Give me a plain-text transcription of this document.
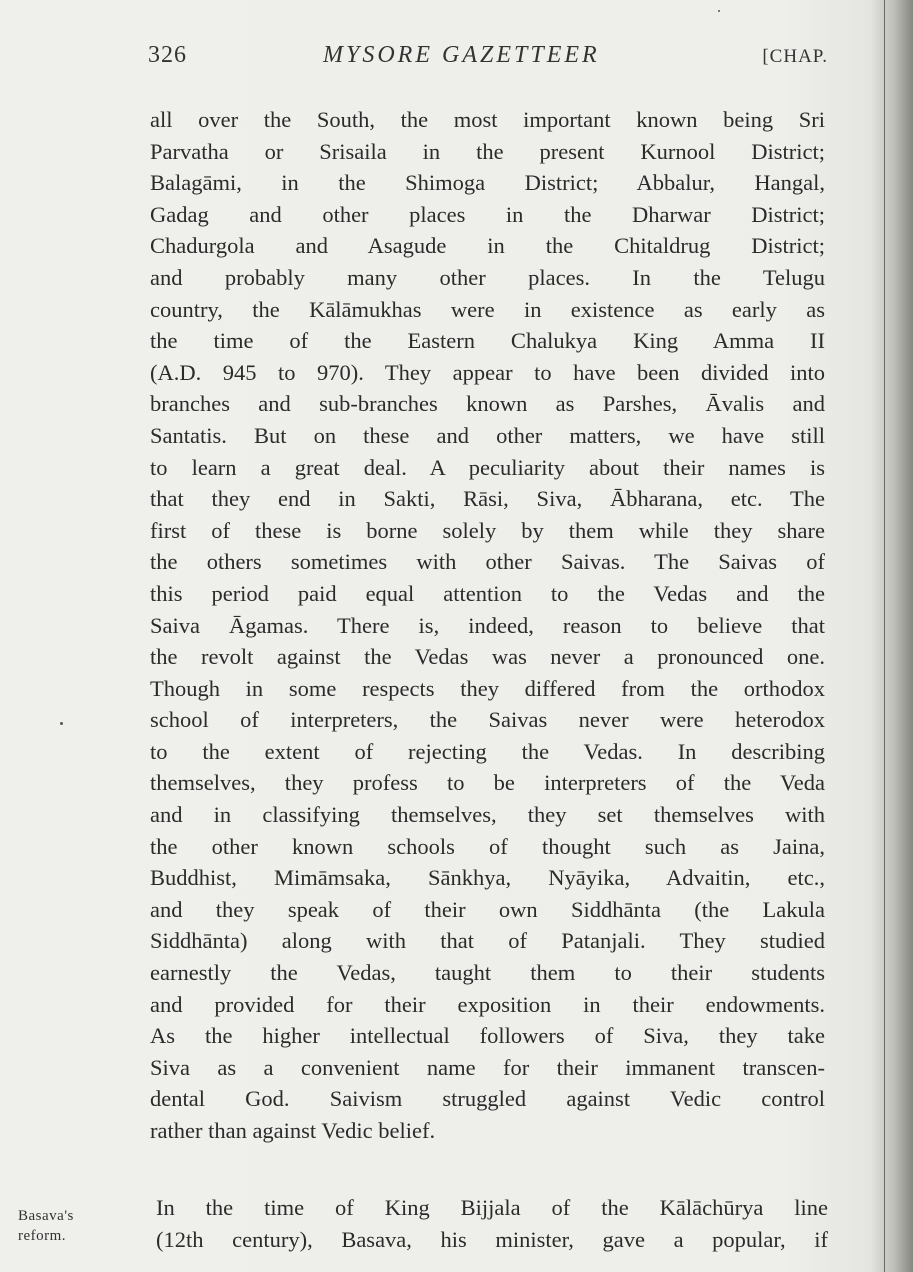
326	MYSORE GAZETTEER	[CHAP.
all over the South, the most important known being Sri
Parvatha or Srisaila in the present Kurnool District;
Balagāmi, in the Shimoga District; Abbalur, Hangal,
Gadag and other places in the Dharwar District;
Chadurgola and Asagude in the Chitaldrug District;
and probably many other places. In the Telugu
country, the Kālāmukhas were in existence as early as
the time of the Eastern Chalukya King Amma II
(A.D. 945 to 970). They appear to have been divided into
branches and sub-branches known as Parshes, Āvalis and
Santatis. But on these and other matters, we have still
to learn a great deal. A peculiarity about their names is
that they end in Sakti, Rāsi, Siva, Ābharana, etc. The
first of these is borne solely by them while they share
the others sometimes with other Saivas. The Saivas of
this period paid equal attention to the Vedas and the
Saiva Āgamas. There is, indeed, reason to believe that
the revolt against the Vedas was never a pronounced one.
Though in some respects they differed from the orthodox
school of interpreters, the Saivas never were heterodox
to the extent of rejecting the Vedas. In describing
themselves, they profess to be interpreters of the Veda
and in classifying themselves, they set themselves with
the other known schools of thought such as Jaina,
Buddhist, Mimāmsaka, Sānkhya, Nyāyika, Advaitin, etc.,
and they speak of their own Siddhānta (the Lakula
Siddhānta) along with that of Patanjali. They studied
earnestly the Vedas, taught them to their students
and provided for their exposition in their endowments.
As the higher intellectual followers of Siva, they take
Siva as a convenient name for their immanent transcen-
dental God. Saivism struggled against Vedic control
rather than against Vedic belief.
Basava's
reform.
In the time of King Bijjala of the Kālāchūrya line
(12th century), Basava, his minister, gave a popular, if
